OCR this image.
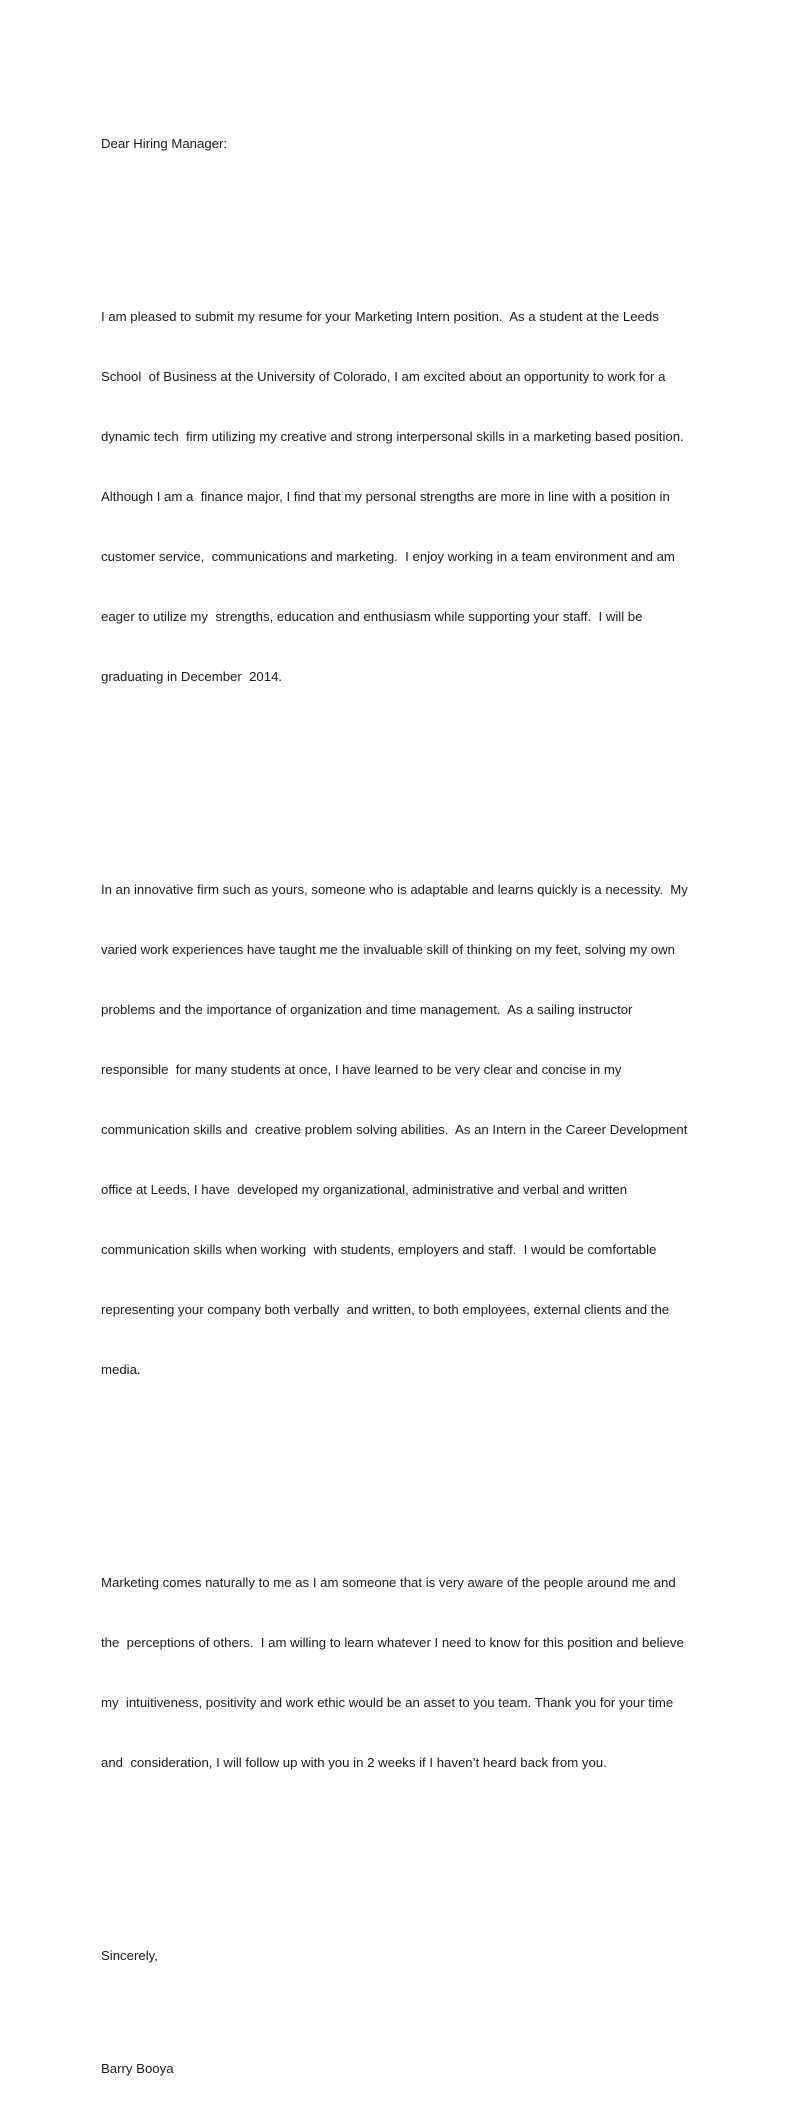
Dear Hiring Manager:

I am pleased to submit my resume for your Marketing Intern position.  As a student at the Leeds

School  of Business at the University of Colorado, I am excited about an opportunity to work for a

dynamic tech  firm utilizing my creative and strong interpersonal skills in a marketing based position.

Although I am a  finance major, I find that my personal strengths are more in line with a position in

customer service,  communications and marketing.  I enjoy working in a team environment and am

eager to utilize my  strengths, education and enthusiasm while supporting your staff.  I will be

graduating in December  2014.

In an innovative firm such as yours, someone who is adaptable and learns quickly is a necessity.  My

varied work experiences have taught me the invaluable skill of thinking on my feet, solving my own

problems and the importance of organization and time management.  As a sailing instructor

responsible  for many students at once, I have learned to be very clear and concise in my

communication skills and  creative problem solving abilities.  As an Intern in the Career Development

office at Leeds, I have  developed my organizational, administrative and verbal and written

communication skills when working  with students, employers and staff.  I would be comfortable

representing your company both verbally  and written, to both employees, external clients and the

media.

Marketing comes naturally to me as I am someone that is very aware of the people around me and

the  perceptions of others.  I am willing to learn whatever I need to know for this position and believe

my  intuitiveness, positivity and work ethic would be an asset to you team. Thank you for your time

and  consideration, I will follow up with you in 2 weeks if I haven’t heard back from you.

Sincerely,

Barry Booya
